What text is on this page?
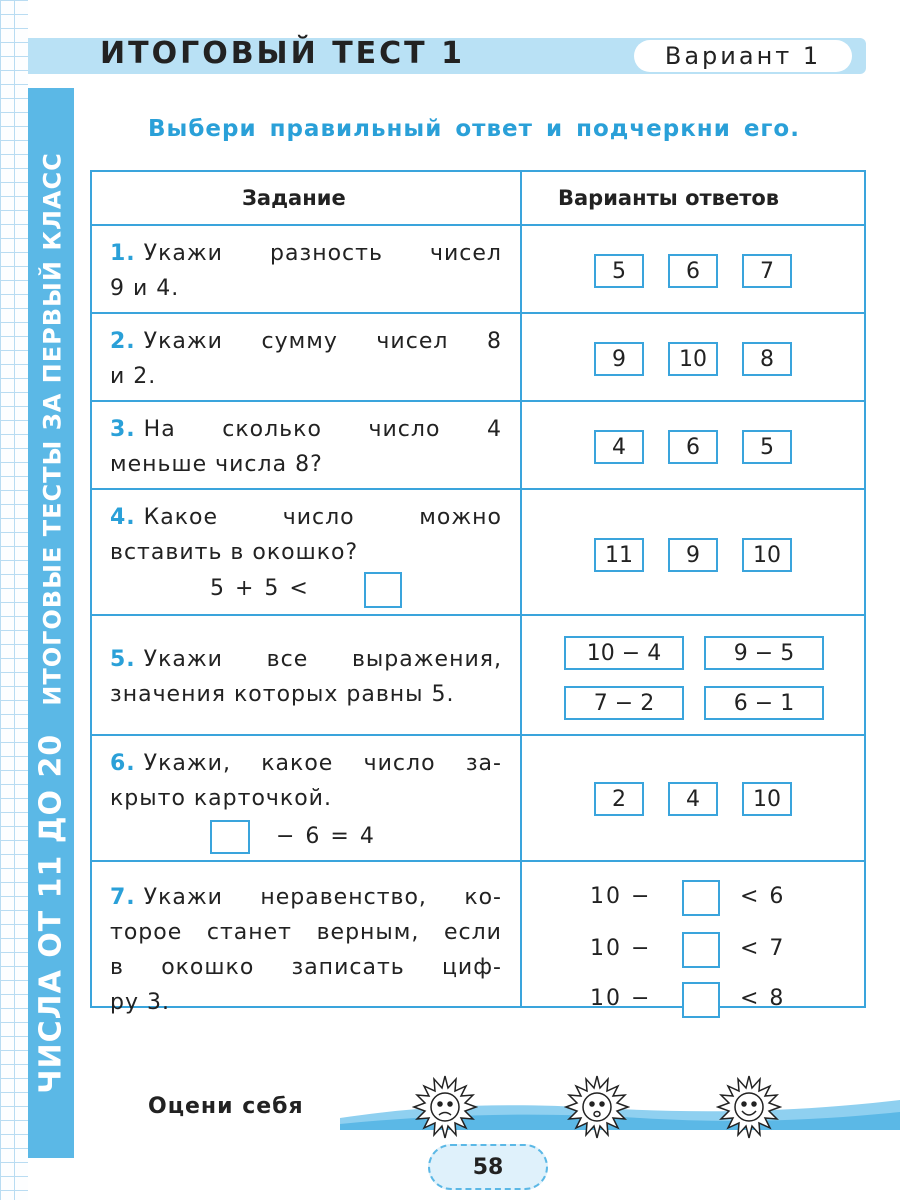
ЧИСЛА ОТ 11 ДО 20ИТОГОВЫЕ ТЕСТЫ ЗА ПЕРВЫЙ КЛАСС
ИТОГОВЫЙ ТЕСТ 1	Вариант 1
Выбери правильный ответ и подчеркни его.
Задание	Варианты ответов
1. Укажи разность чисел
9 и 4.
5	6	7
2. Укажи сумму чисел 8
и 2.
9	10	8
3. На сколько число 4
меньше числа 8?
4	6	5
4. Какое	число	можно
вставить в окошко?
5 + 5 <
11	9	10
5. Укажи все выражения,
значения которых равны 5.
10 − 4	9 − 5
7 − 2	6 − 1
6. Укажи, какое число за-
крыто карточкой.
− 6 = 4
2	4	10
7. Укажи неравенство, ко-
торое станет верным, если
в окошко записать циф-
ру 3.
10 −	< 6
10 −	< 7
10 −	< 8
Оцени себя
58
